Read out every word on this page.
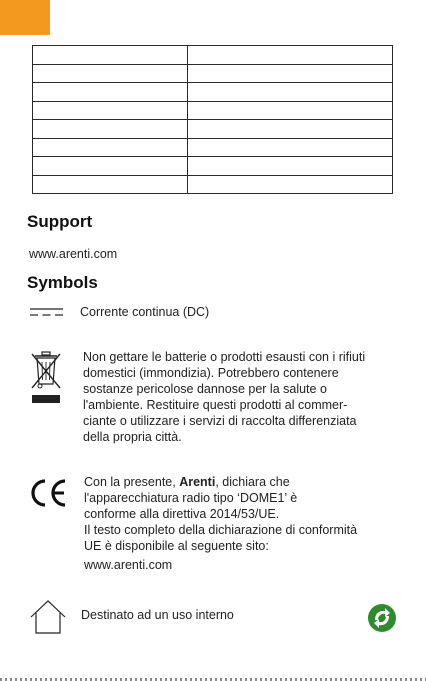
Support
www.arenti.com
Symbols
Corrente continua (DC)
Non gettare le batterie o prodotti esausti con i rifiuti
domestici (immondizia). Potrebbero contenere
sostanze pericolose dannose per la salute o
l'ambiente. Restituire questi prodotti al commer-
ciante o utilizzare i servizi di raccolta differenziata
della propria città.
Con la presente, Arenti, dichiara che
l'apparecchiatura radio tipo ‘DOME1’ è
conforme alla direttiva 2014/53/UE.
Il testo completo della dichiarazione di conformità
UE è disponibile al seguente sito:
www.arenti.com
Destinato ad un uso interno
